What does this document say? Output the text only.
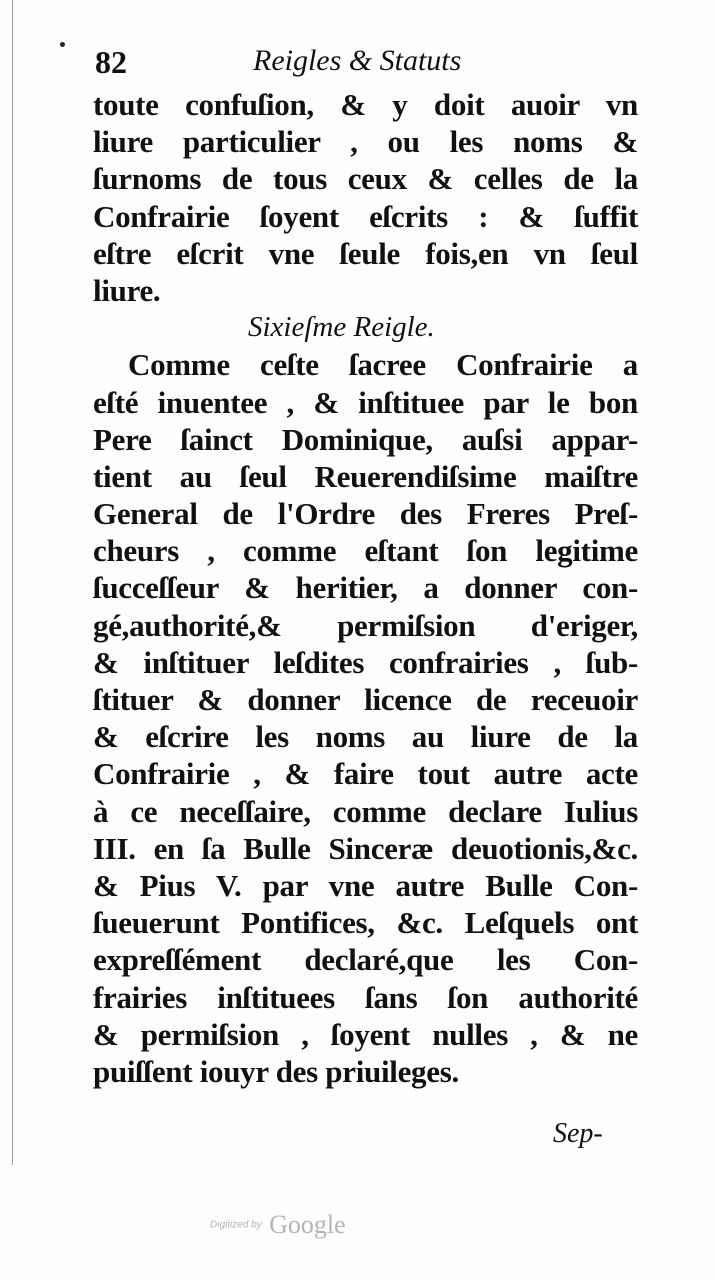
82	Reigles & Statuts
toute confuſion, & y doit auoir vn
liure particulier , ou les noms &
ſurnoms de tous ceux & celles de la
Confrairie ſoyent eſcrits : & ſuffit
eſtre eſcrit vne ſeule fois,en vn ſeul
liure.
Sixieſme Reigle.
Comme ceſte ſacree Confrairie a
eſté inuentee , & inſtituee par le bon
Pere ſainct Dominique, auſsi appar-
tient au ſeul Reuerendiſsime maiſtre
General de l'Ordre des Freres Preſ-
cheurs , comme eſtant ſon legitime
ſucceſſeur & heritier, a donner con-
gé,authorité,& permiſsion d'eriger,
& inſtituer leſdites confrairies , ſub-
ſtituer & donner licence de receuoir
& eſcrire les noms au liure de la
Confrairie , & faire tout autre acte
à ce neceſſaire, comme declare Iulius
III. en ſa Bulle Sinceræ deuotionis,&c.
& Pius V. par vne autre Bulle Con-
ſueuerunt Pontifices, &c. Leſquels ont
expreſſément declaré,que les Con-
frairies inſtituees ſans ſon authorité
& permiſsion , ſoyent nulles , & ne
puiſſent iouyr des priuileges.
Sep-
Digitized by Google
